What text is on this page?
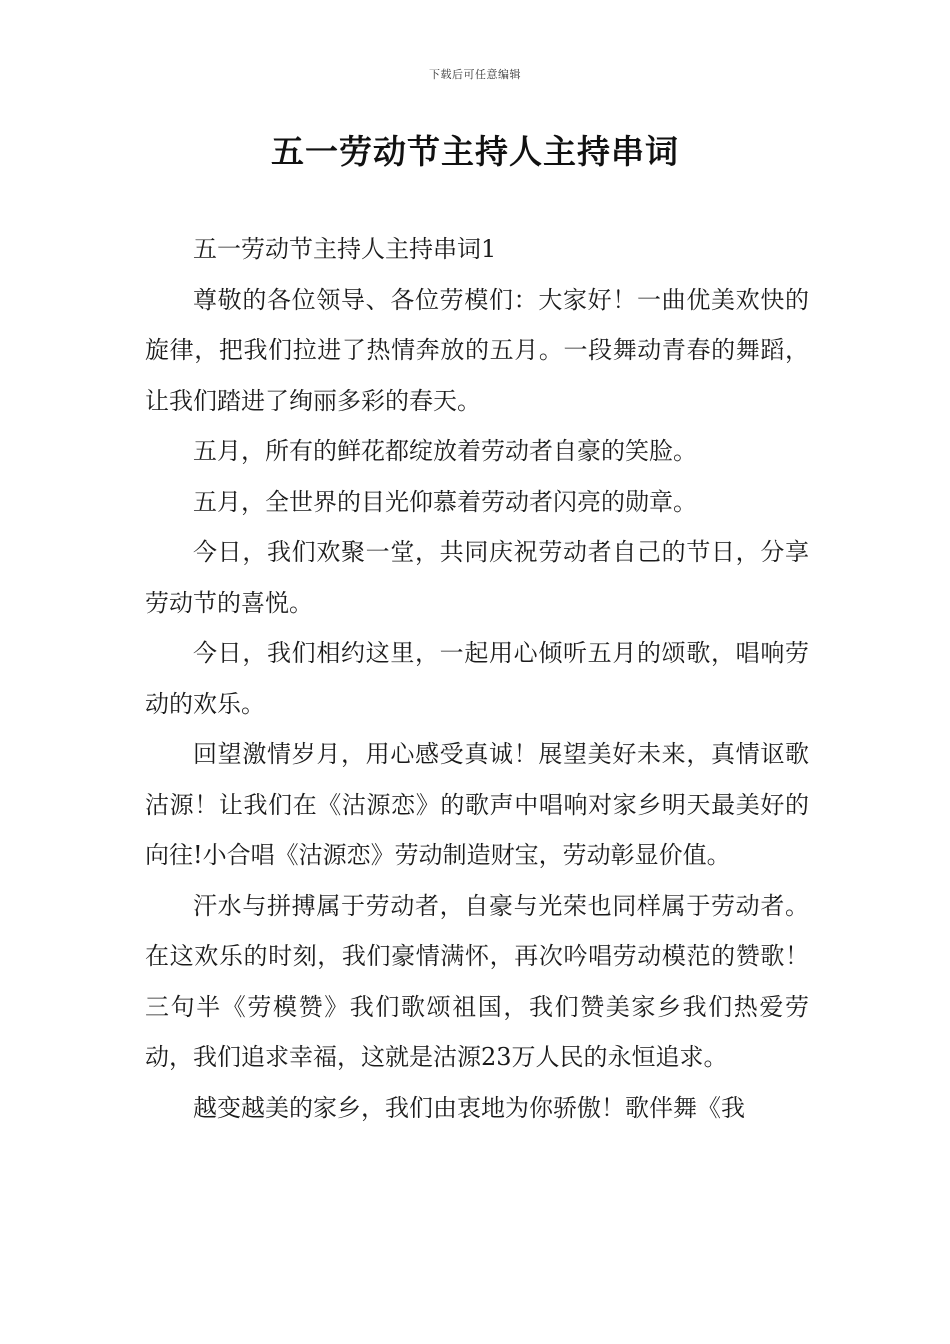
下载后可任意编辑
五一劳动节主持人主持串词

五一劳动节主持人主持串词1

尊敬的各位领导、各位劳模们：大家好！一曲优美欢快的旋律，把我们拉进了热情奔放的五月。一段舞动青春的舞蹈，让我们踏进了绚丽多彩的春天。

五月，所有的鲜花都绽放着劳动者自豪的笑脸。

五月，全世界的目光仰慕着劳动者闪亮的勋章。

今日，我们欢聚一堂，共同庆祝劳动者自己的节日，分享劳动节的喜悦。

今日，我们相约这里，一起用心倾听五月的颂歌，唱响劳动的欢乐。

回望激情岁月，用心感受真诚！展望美好未来，真情讴歌沽源！让我们在《沽源恋》的歌声中唱响对家乡明天最美好的向往!小合唱《沽源恋》劳动制造财宝，劳动彰显价值。

汗水与拼搏属于劳动者，自豪与光荣也同样属于劳动者。在这欢乐的时刻，我们豪情满怀，再次吟唱劳动模范的赞歌！三句半《劳模赞》我们歌颂祖国，我们赞美家乡我们热爱劳动，我们追求幸福，这就是沽源23万人民的永恒追求。

越变越美的家乡，我们由衷地为你骄傲！歌伴舞《我
